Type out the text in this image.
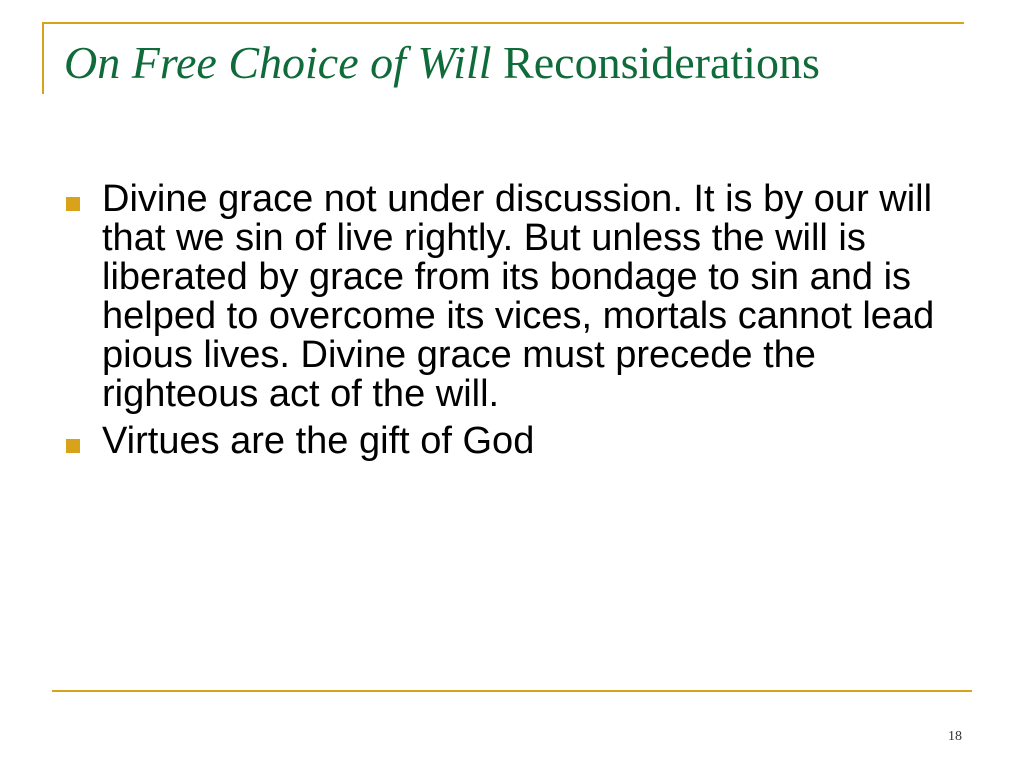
On Free Choice of Will Reconsiderations
Divine grace not under discussion. It is by our will that we sin of live rightly. But unless the will is liberated by grace from its bondage to sin and is helped to overcome its vices, mortals cannot lead pious lives. Divine grace must precede the righteous act of the will.
Virtues are the gift of God
18
